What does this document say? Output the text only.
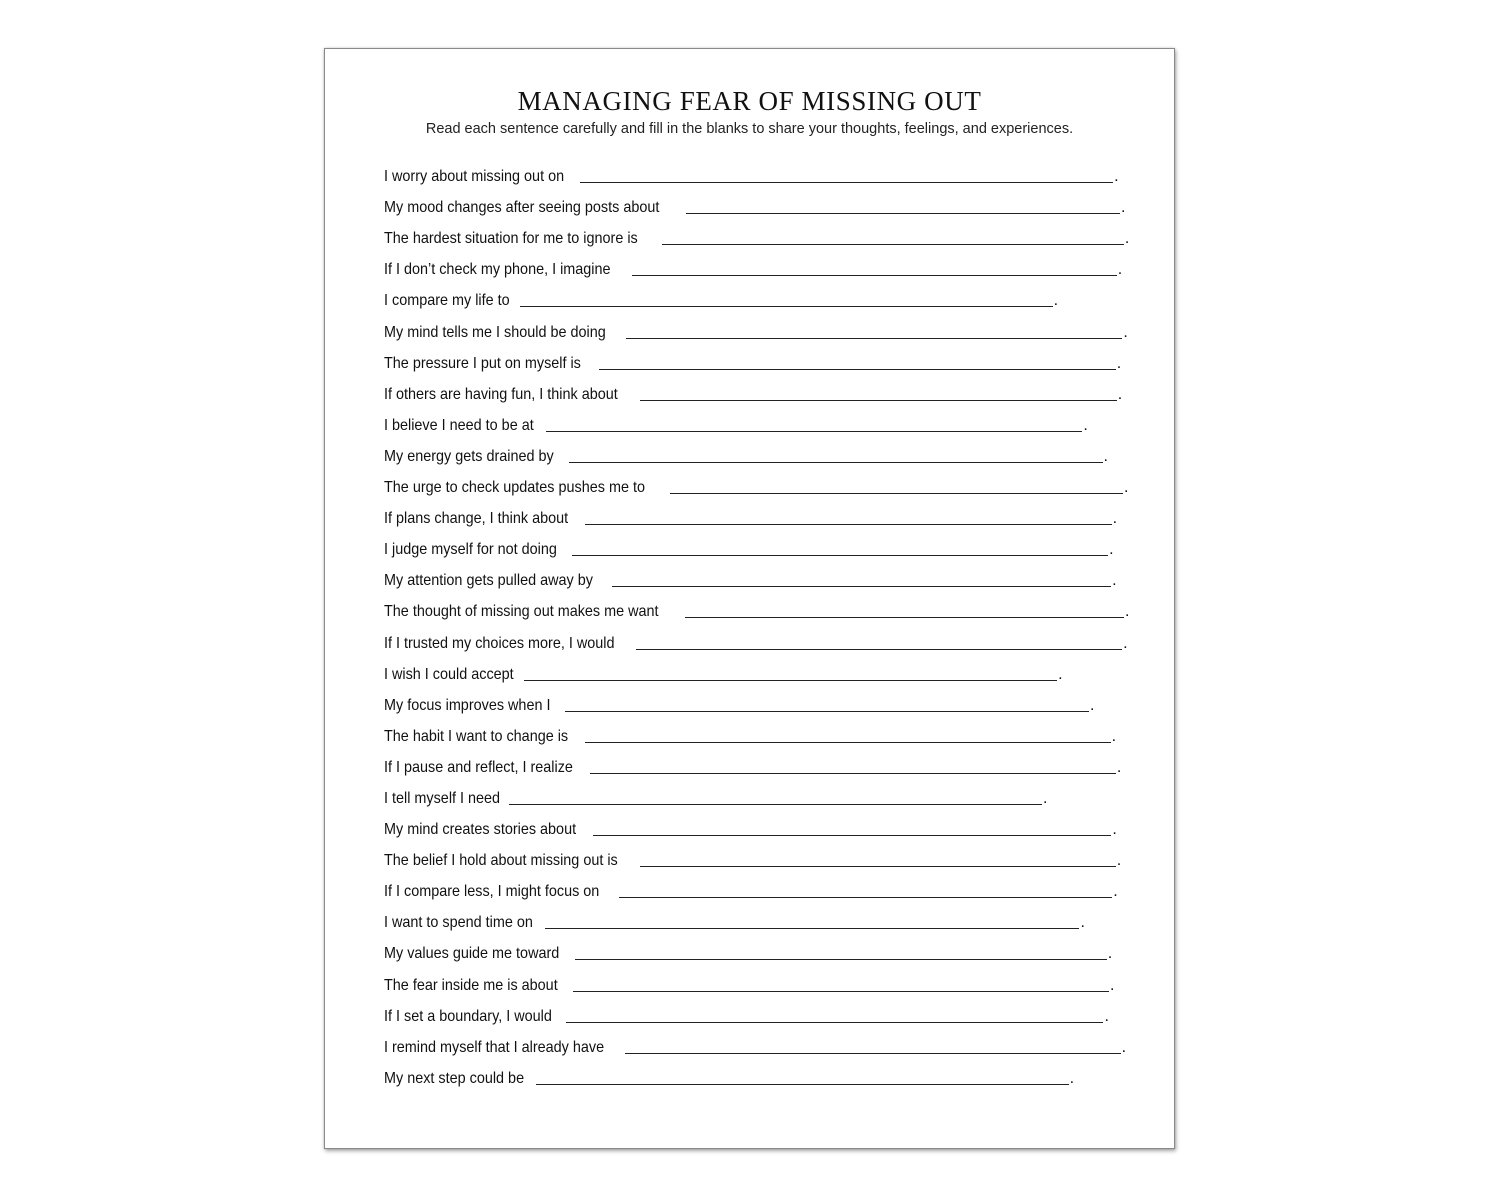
MANAGING FEAR OF MISSING OUT

Read each sentence carefully and fill in the blanks to share your thoughts, feelings, and experiences.

I worry about missing out on	.
My mood changes after seeing posts about	.
The hardest situation for me to ignore is	.
If I don’t check my phone, I imagine	.
I compare my life to	.
My mind tells me I should be doing	.
The pressure I put on myself is	.
If others are having fun, I think about	.
I believe I need to be at	.
My energy gets drained by	.
The urge to check updates pushes me to	.
If plans change, I think about	.
I judge myself for not doing	.
My attention gets pulled away by	.
The thought of missing out makes me want	.
If I trusted my choices more, I would	.
I wish I could accept	.
My focus improves when I	.
The habit I want to change is	.
If I pause and reflect, I realize	.
I tell myself I need	.
My mind creates stories about	.
The belief I hold about missing out is	.
If I compare less, I might focus on	.
I want to spend time on	.
My values guide me toward	.
The fear inside me is about	.
If I set a boundary, I would	.
I remind myself that I already have	.
My next step could be	.
